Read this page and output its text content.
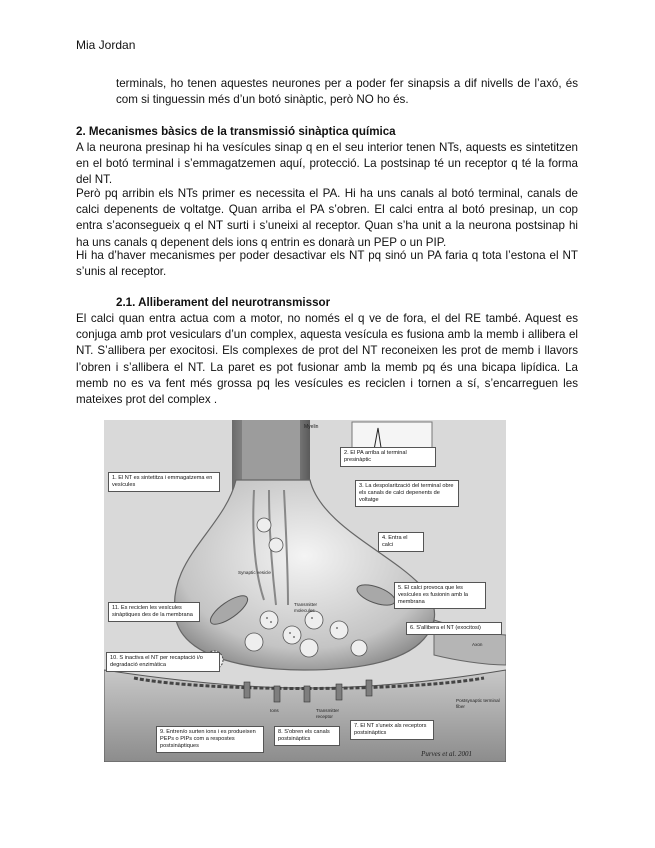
Mia Jordan

terminals, ho tenen aquestes neurones per a poder fer sinapsis a dif nivells de l’axó, és com si tinguessin més d’un botó sinàptic, però NO ho és.

2. Mecanismes bàsics de la transmissió sinàptica química

A la neurona presinap hi ha vesícules sinap q en el seu interior tenen NTs, aquests es sintetitzen en el botó terminal i s’emmagatzemen aquí, protecció. La postsinap té un receptor q té la forma del NT.

Però pq arribin els NTs primer es necessita el PA. Hi ha uns canals al botó terminal, canals de calci depenents de voltatge. Quan arriba el PA s’obren. El calci entra al botó presinap, un cop entra s’aconsegueix q el NT surti i s’uneixi al receptor. Quan s’ha unit a la neurona postsinap hi ha uns canals q depenent dels ions q entrin es donarà un PEP o un PIP.

Hi ha d’haver mecanismes per poder desactivar els NT pq sinó un PA faria q tota l’estona el NT s’unis al receptor.

2.1. Alliberament del neurotransmissor

El calci quan entra actua com a motor, no només el q ve de fora, el del RE també. Aquest es conjuga amb prot vesiculars d’un complex, aquesta vesícula es fusiona amb la memb i allibera el NT. S’allibera per exocitosi. Els complexes de prot del NT reconeixen les prot de memb i llavors l’obren i s’allibera el NT. La paret es pot fusionar amb la memb pq és una bicapa lipídica. La memb no es va fent més grossa pq les vesícules es reciclen i tornen a sí, s’encarreguen les mateixes prot del complex .

Myelin
1. El NT es sintetitza i emmagatzema en vesícules
2. El PA arriba al terminal presinàptic
3. La despolarització del terminal obre els canals de calci depenents de voltatge
4. Entra el calci
5. El calci provoca que les vesícules es fusionin amb la membrana
6. S'allibera el NT (exocitosi)
7. El NT s'uneix als receptors postsinàptics
8. S'obren els canals postsinàptics
9. Entren/o surten ions i es produeixen PEPs o PIPs com a respostes postsinàptiques
10. S inactiva el NT per recaptació i/o degradació enzimàtica
11. Es reciclen les vesícules sinàptiques des de la membrana
Synaptic vesicle
Transmitter molecules
Transmitter receptor
Ions
Postsynaptic terminal fiber
Axon
Purves et al. 2001
